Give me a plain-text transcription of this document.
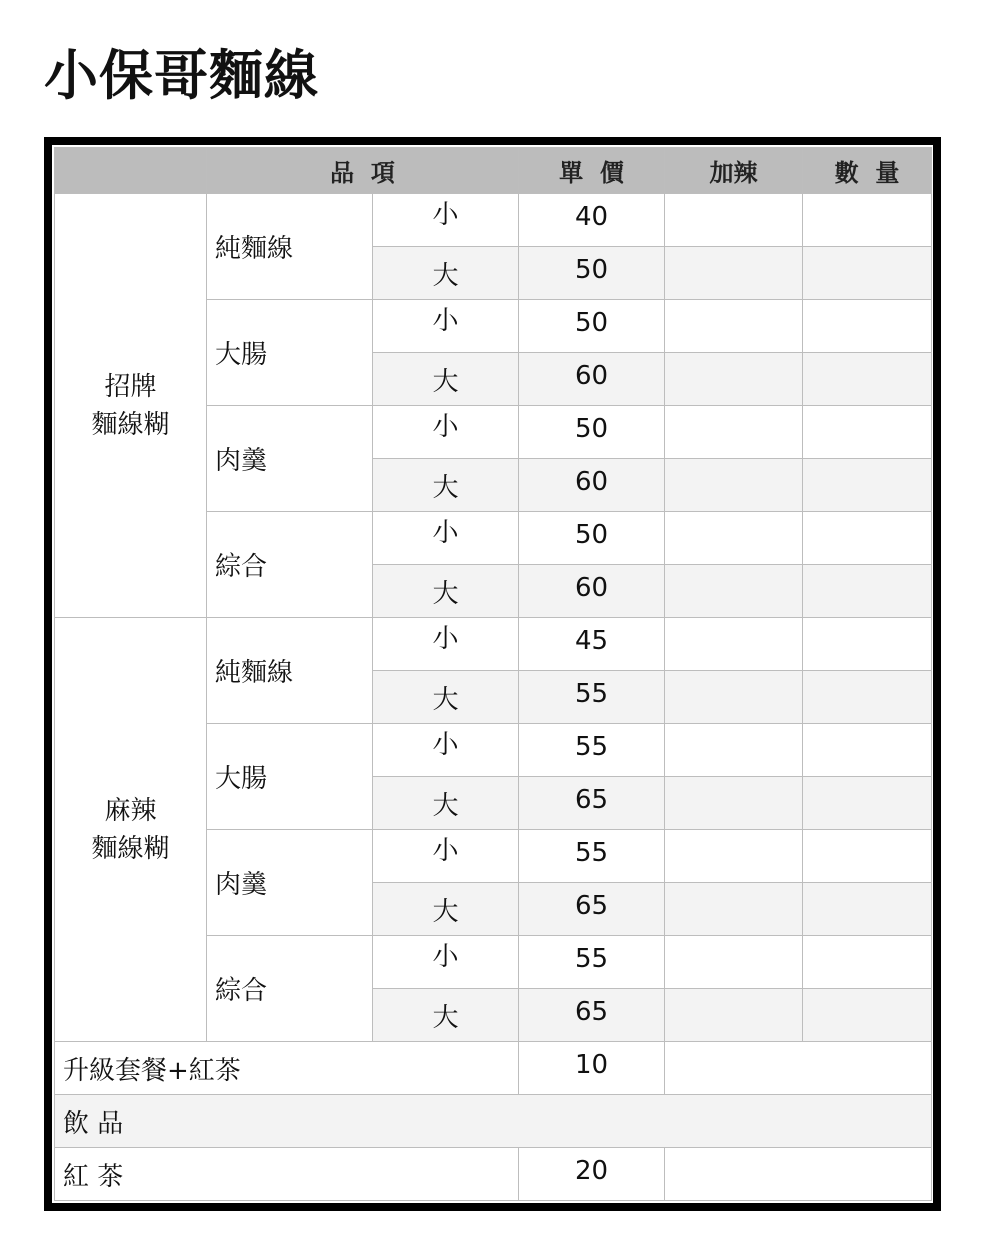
小保哥麵線
	品  項		單  價	加辣	數  量

招牌
麵線糊	純麵線	小	40		
		大	50		
	大腸	小	50		
		大	60		
	肉羹	小	50		
		大	60		
	綜合	小	50		
		大	60		

麻辣
麵線糊	純麵線	小	45		
		大	55		
	大腸	小	55		
		大	65		
	肉羹	小	55		
		大	65		
	綜合	小	55		
		大	65		
升級套餐+紅茶			10		
飲 品					
紅 茶			20		
